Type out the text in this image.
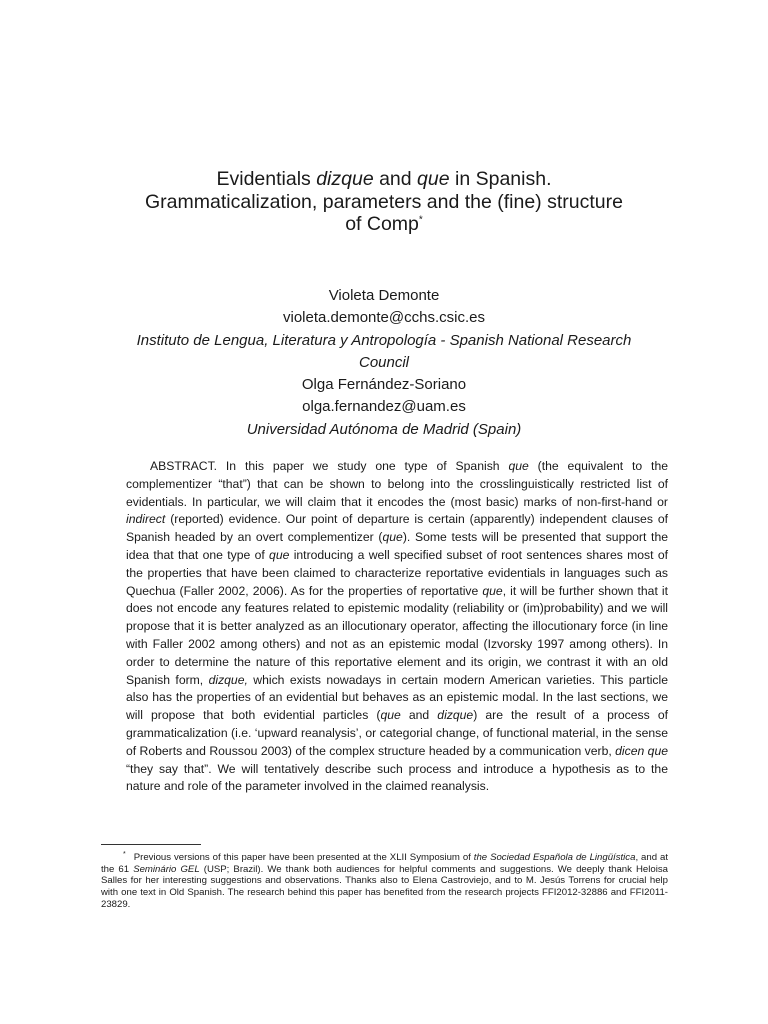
Evidentials dizque and que in Spanish.
Grammaticalization, parameters and the (fine) structure
of Comp*
Violeta Demonte
violeta.demonte@cchs.csic.es
Instituto de Lengua, Literatura y Antropología - Spanish National Research Council
Olga Fernández-Soriano
olga.fernandez@uam.es
Universidad Autónoma de Madrid (Spain)

ABSTRACT. In this paper we study one type of Spanish que (the equivalent to the complementizer “that”) that can be shown to belong into the crosslinguistically restricted list of evidentials. In particular, we will claim that it encodes the (most basic) marks of non-first-hand or indirect (reported) evidence. Our point of departure is certain (apparently) independent clauses of Spanish headed by an overt complementizer (que). Some tests will be presented that support the idea that that one type of que introducing a well specified subset of root sentences shares most of the properties that have been claimed to characterize reportative evidentials in languages such as Quechua (Faller 2002, 2006). As for the properties of reportative que, it will be further shown that it does not encode any features related to epistemic modality (reliability or (im)probability) and we will propose that it is better analyzed as an illocutionary operator, affecting the illocutionary force (in line with Faller 2002 among others) and not as an epistemic modal (Izvorsky 1997 among others). In order to determine the nature of this reportative element and its origin, we contrast it with an old Spanish form, dizque, which exists nowadays in certain modern American varieties. This particle also has the properties of an evidential but behaves as an epistemic modal. In the last sections, we will propose that both evidential particles (que and dizque) are the result of a process of grammaticalization (i.e. ‘upward reanalysis’, or categorial change, of functional material, in the sense of Roberts and Roussou 2003) of the complex structure headed by a communication verb, dicen que “they say that”. We will tentatively describe such process and introduce a hypothesis as to the nature and role of the parameter involved in the claimed reanalysis.

* Previous versions of this paper have been presented at the XLII Symposium of the Sociedad Española de Lingüística, and at the 61 Seminário GEL (USP; Brazil). We thank both audiences for helpful comments and suggestions. We deeply thank Heloisa Salles for her interesting suggestions and observations. Thanks also to Elena Castroviejo, and to M. Jesús Torrens for crucial help with one text in Old Spanish. The research behind this paper has benefited from the research projects FFI2012-32886 and FFI2011-23829.
